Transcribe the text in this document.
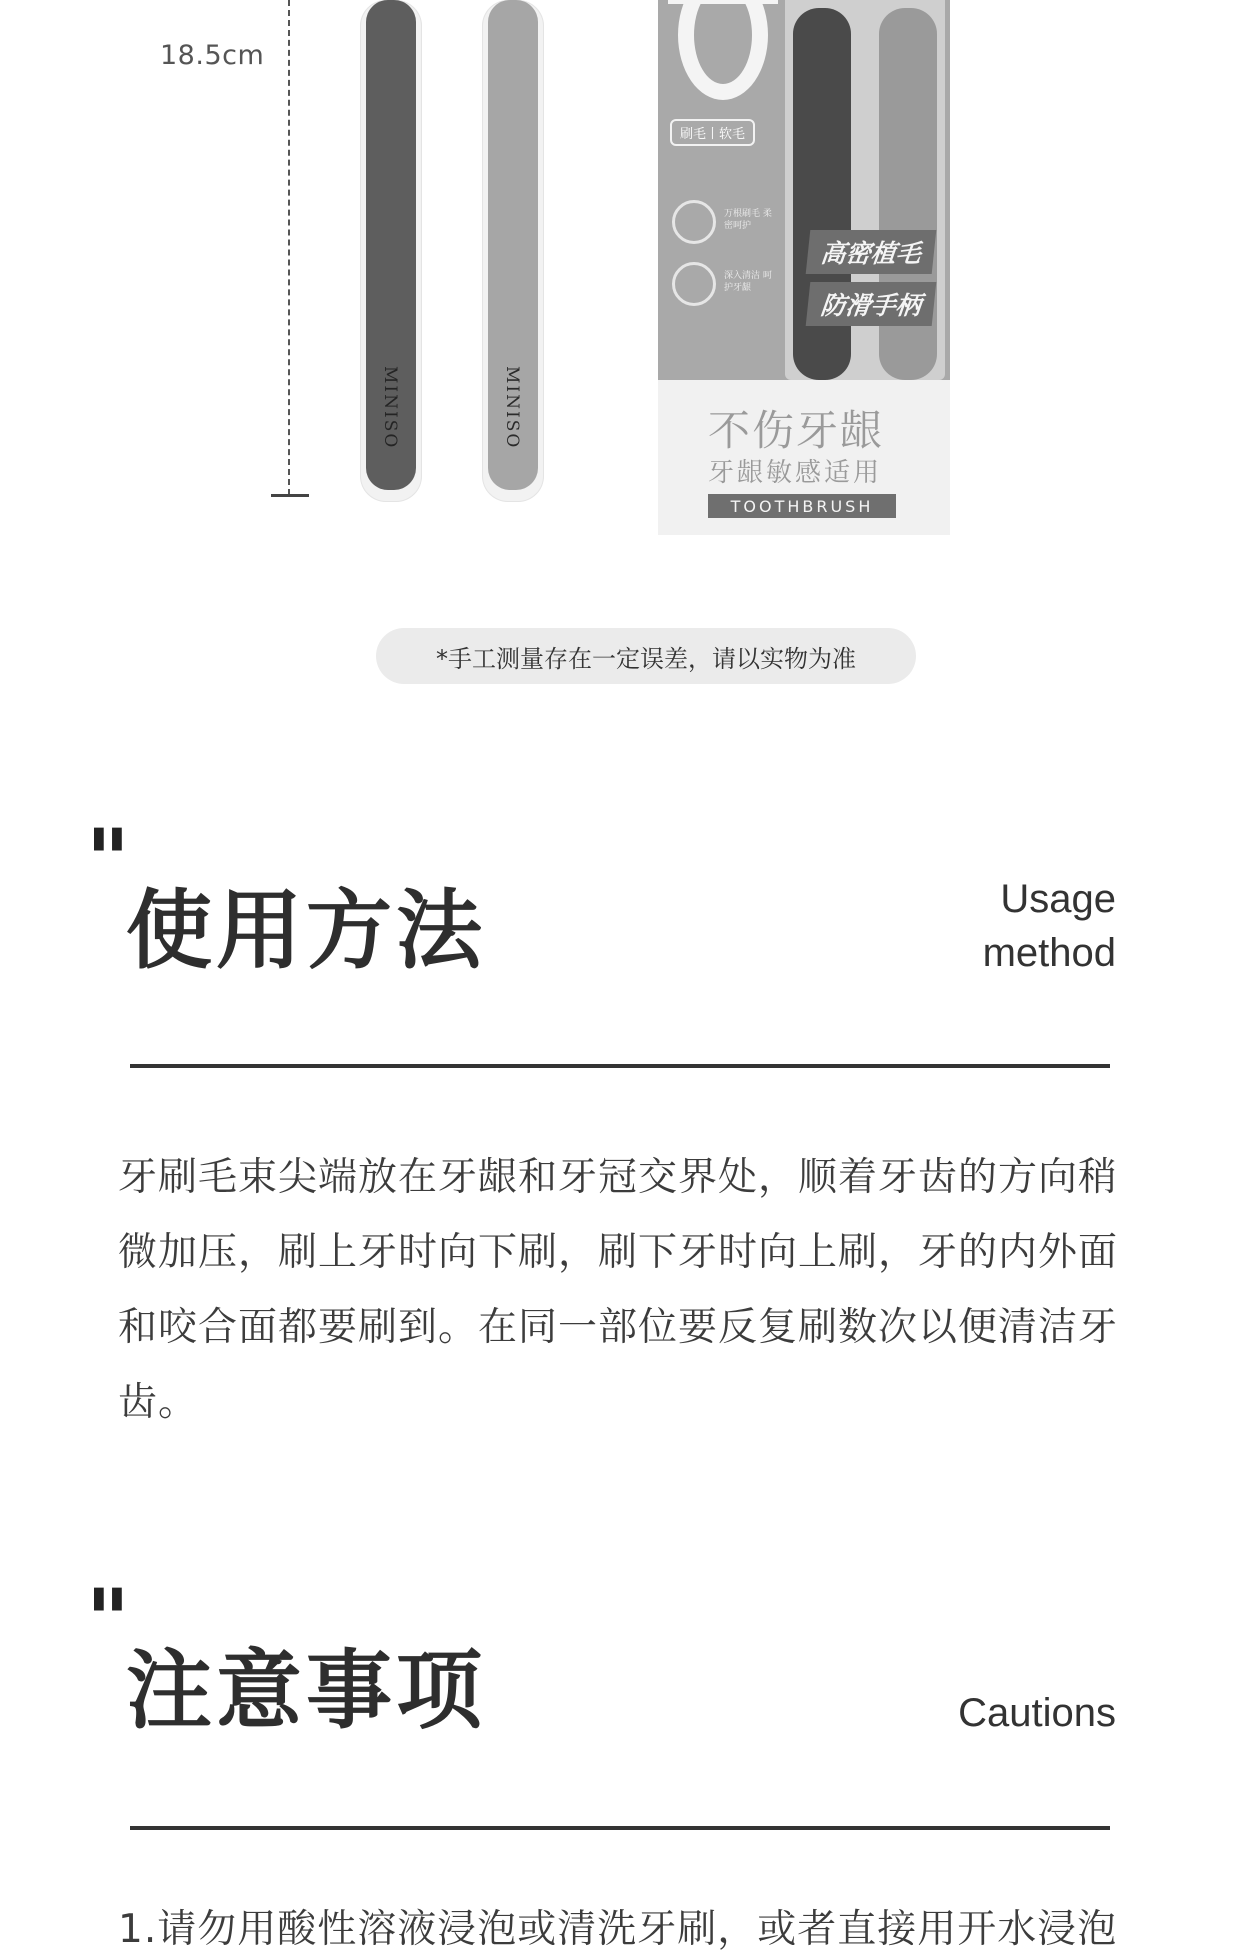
18.5cm
MINISO	MINISO
刷毛丨软毛
万根刷毛 柔密呵护
深入清洁 呵护牙龈
高密植毛
防滑手柄
不伤牙龈
牙龈敏感适用
TOOTHBRUSH
*手工测量存在一定误差，请以实物为准
"
使用方法	Usage
method
牙刷毛束尖端放在牙龈和牙冠交界处，顺着牙齿的方向稍微加压，刷上牙时向下刷，刷下牙时向上刷，牙的内外面和咬合面都要刷到。在同一部位要反复刷数次以便清洁牙齿。
"
注意事项	Cautions
1.请勿用酸性溶液浸泡或清洗牙刷，或者直接用开水浸泡
